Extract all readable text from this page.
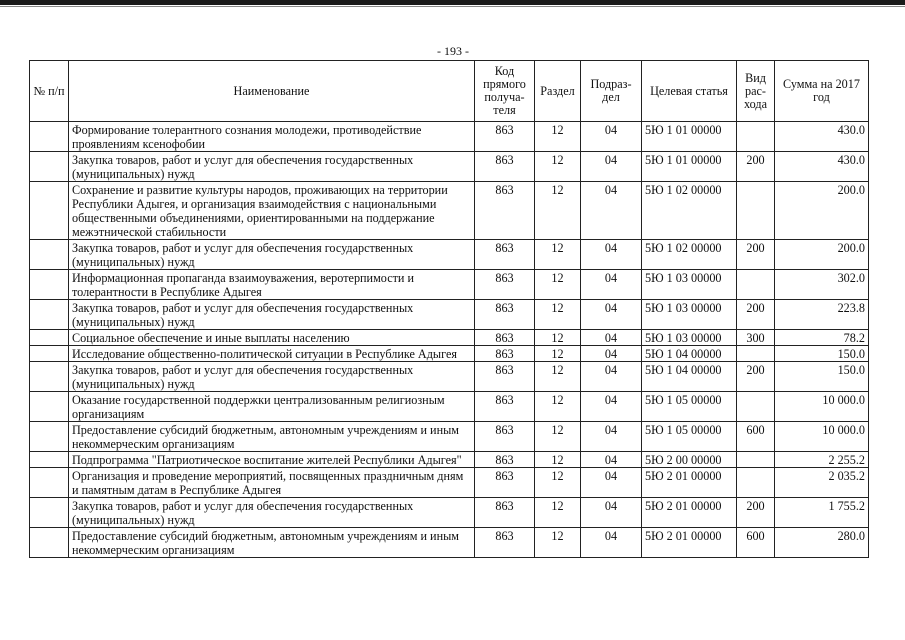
- 193 -
№ п/п	Наименование	Код прямого получа-теля	Раздел	Подраз-дел	Целевая статья	Вид рас-хода	Сумма на 2017 год
	Формирование толерантного сознания молодежи, противодействие проявлениям ксенофобии	863	12	04	5Ю 1 01 00000		430.0
	Закупка товаров, работ и услуг для обеспечения государственных (муниципальных) нужд	863	12	04	5Ю 1 01 00000	200	430.0
	Сохранение и развитие культуры народов, проживающих на территории Республики Адыгея, и организация взаимодействия с национальными общественными объединениями, ориентированными на поддержание межэтнической стабильности	863	12	04	5Ю 1 02 00000		200.0
	Закупка товаров, работ и услуг для обеспечения государственных (муниципальных) нужд	863	12	04	5Ю 1 02 00000	200	200.0
	Информационная пропаганда взаимоуважения, веротерпимости и толерантности в Республике Адыгея	863	12	04	5Ю 1 03 00000		302.0
	Закупка товаров, работ и услуг для обеспечения государственных (муниципальных) нужд	863	12	04	5Ю 1 03 00000	200	223.8
	Социальное обеспечение и иные выплаты населению	863	12	04	5Ю 1 03 00000	300	78.2
	Исследование общественно-политической ситуации в Республике Адыгея	863	12	04	5Ю 1 04 00000		150.0
	Закупка товаров, работ и услуг для обеспечения государственных (муниципальных) нужд	863	12	04	5Ю 1 04 00000	200	150.0
	Оказание государственной поддержки централизованным религиозным организациям	863	12	04	5Ю 1 05 00000		10 000.0
	Предоставление субсидий бюджетным, автономным учреждениям и иным некоммерческим организациям	863	12	04	5Ю 1 05 00000	600	10 000.0
	Подпрограмма "Патриотическое воспитание жителей Республики Адыгея"	863	12	04	5Ю 2 00 00000		2 255.2
	Организация и проведение мероприятий, посвященных праздничным дням и памятным датам в Республике Адыгея	863	12	04	5Ю 2 01 00000		2 035.2
	Закупка товаров, работ и услуг для обеспечения государственных (муниципальных) нужд	863	12	04	5Ю 2 01 00000	200	1 755.2
	Предоставление субсидий бюджетным, автономным учреждениям и иным некоммерческим организациям	863	12	04	5Ю 2 01 00000	600	280.0
